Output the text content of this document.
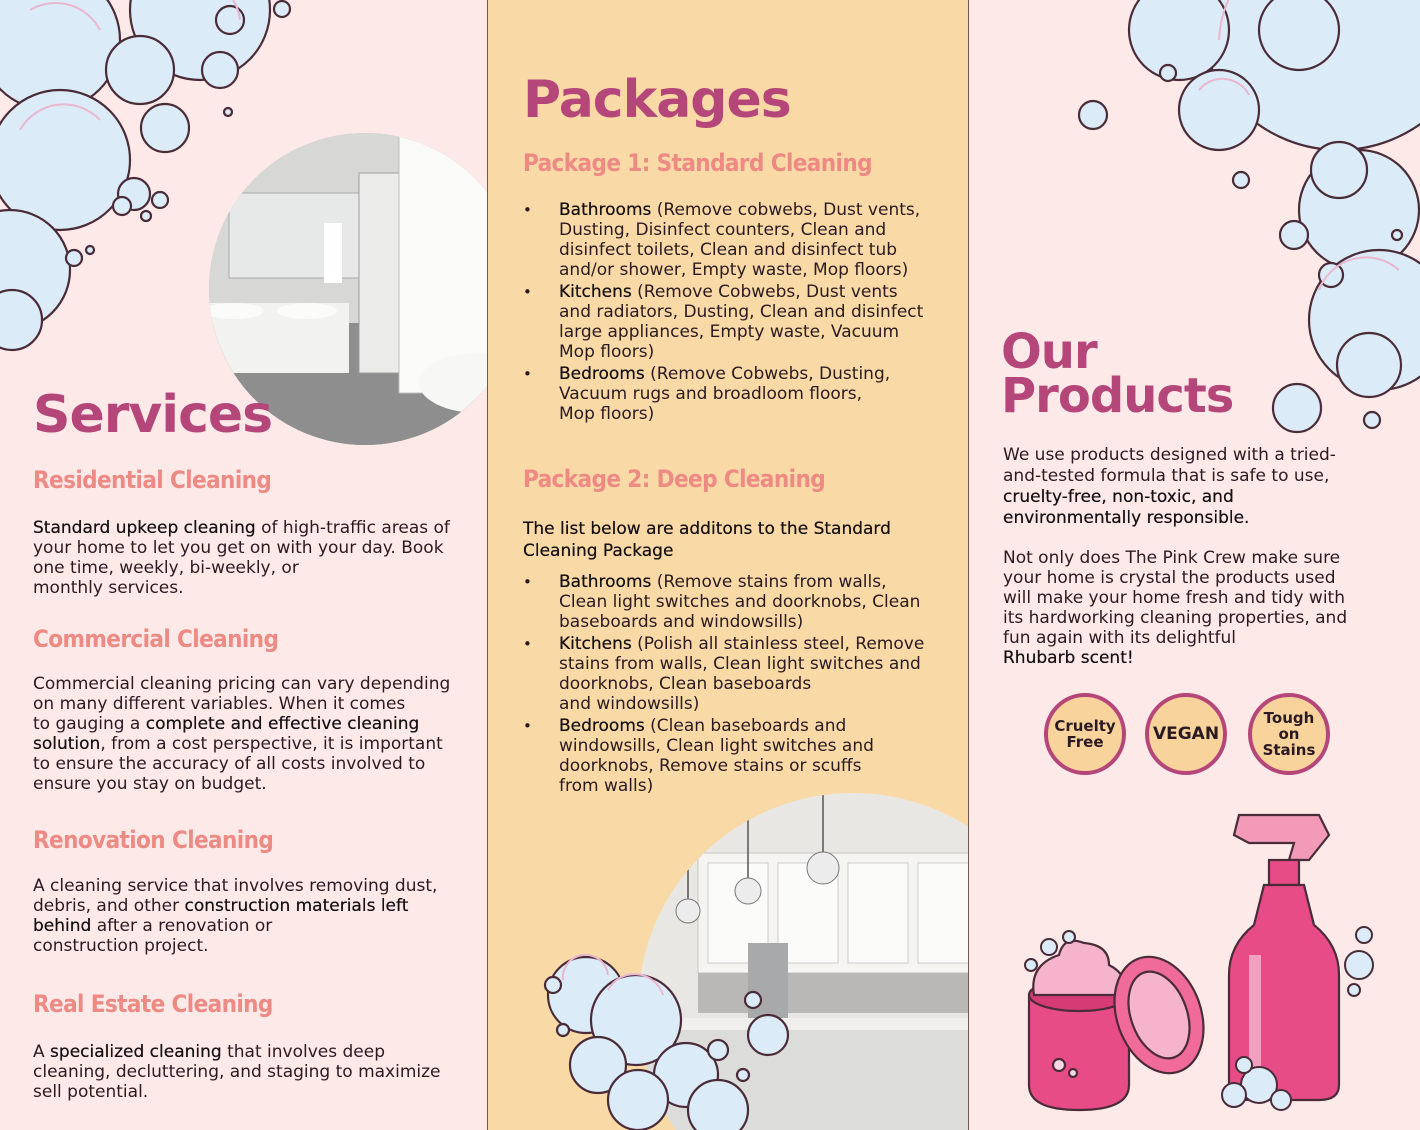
Services
Residential Cleaning
Standard upkeep cleaning of high-traffic areas of your home to let you get on with your day. Book one time, weekly, bi-weekly, or
monthly services.
Commercial Cleaning
Commercial cleaning pricing can vary depending on many different variables. When it comes
to gauging a complete and effective cleaning solution, from a cost perspective, it is important to ensure the accuracy of all costs involved to ensure you stay on budget.
Renovation Cleaning
A cleaning service that involves removing dust, debris, and other construction materials left behind after a renovation or
construction project.
Real Estate Cleaning
A specialized cleaning that involves deep cleaning, decluttering, and staging to maximize sell potential.
Packages
Package 1: Standard Cleaning
• Bathrooms (Remove cobwebs, Dust vents, Dusting, Disinfect counters, Clean and disinfect toilets, Clean and disinfect tub and/or shower, Empty waste, Mop floors)
• Kitchens (Remove Cobwebs, Dust vents and radiators, Dusting, Clean and disinfect large appliances, Empty waste, Vacuum
Mop floors)
• Bedrooms (Remove Cobwebs, Dusting, Vacuum rugs and broadloom floors,
Mop floors)
Package 2: Deep Cleaning
The list below are additons to the Standard Cleaning Package
• Bathrooms (Remove stains from walls, Clean light switches and doorknobs, Clean baseboards and windowsills)
• Kitchens (Polish all stainless steel, Remove stains from walls, Clean light switches and doorknobs, Clean baseboards
and windowsills)
• Bedrooms (Clean baseboards and windowsills, Clean light switches and doorknobs, Remove stains or scuffs
from walls)
Our
Products
We use products designed with a tried-and-tested formula that is safe to use, cruelty-free, non-toxic, and environmentally responsible.
Not only does The Pink Crew make sure your home is crystal the products used will make your home fresh and tidy with its hardworking cleaning properties, and fun again with its delightful
Rhubarb scent!
Cruelty
Free	VEGAN
Tough
on
Stains
